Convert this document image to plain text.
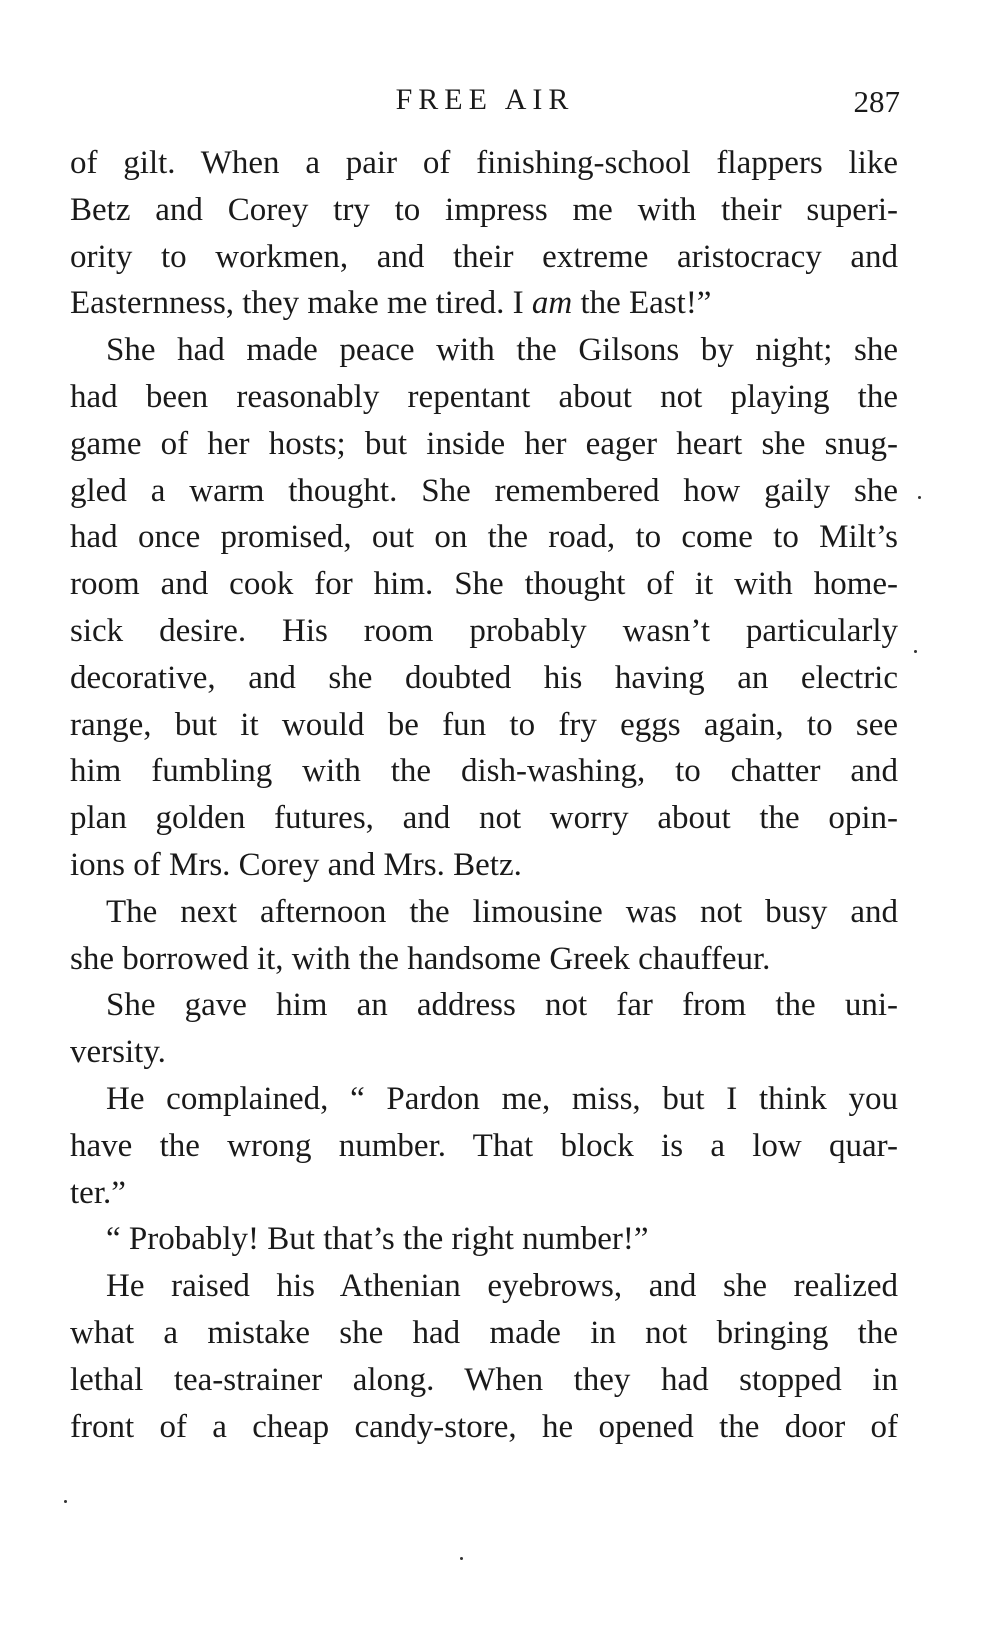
FREE AIR	287
of gilt. When a pair of finishing-school flappers like
Betz and Corey try to impress me with their superi-
ority to workmen, and their extreme aristocracy and
Easternness, they make me tired. I am the East!”
She had made peace with the Gilsons by night; she
had been reasonably repentant about not playing the
game of her hosts; but inside her eager heart she snug-
gled a warm thought. She remembered how gaily she
had once promised, out on the road, to come to Milt’s
room and cook for him. She thought of it with home-
sick desire. His room probably wasn’t particularly
decorative, and she doubted his having an electric
range, but it would be fun to fry eggs again, to see
him fumbling with the dish-washing, to chatter and
plan golden futures, and not worry about the opin-
ions of Mrs. Corey and Mrs. Betz.
The next afternoon the limousine was not busy and
she borrowed it, with the handsome Greek chauffeur.
She gave him an address not far from the uni-
versity.
He complained, “ Pardon me, miss, but I think you
have the wrong number. That block is a low quar-
ter.”
“ Probably! But that’s the right number!”
He raised his Athenian eyebrows, and she realized
what a mistake she had made in not bringing the
lethal tea-strainer along. When they had stopped in
front of a cheap candy-store, he opened the door of
